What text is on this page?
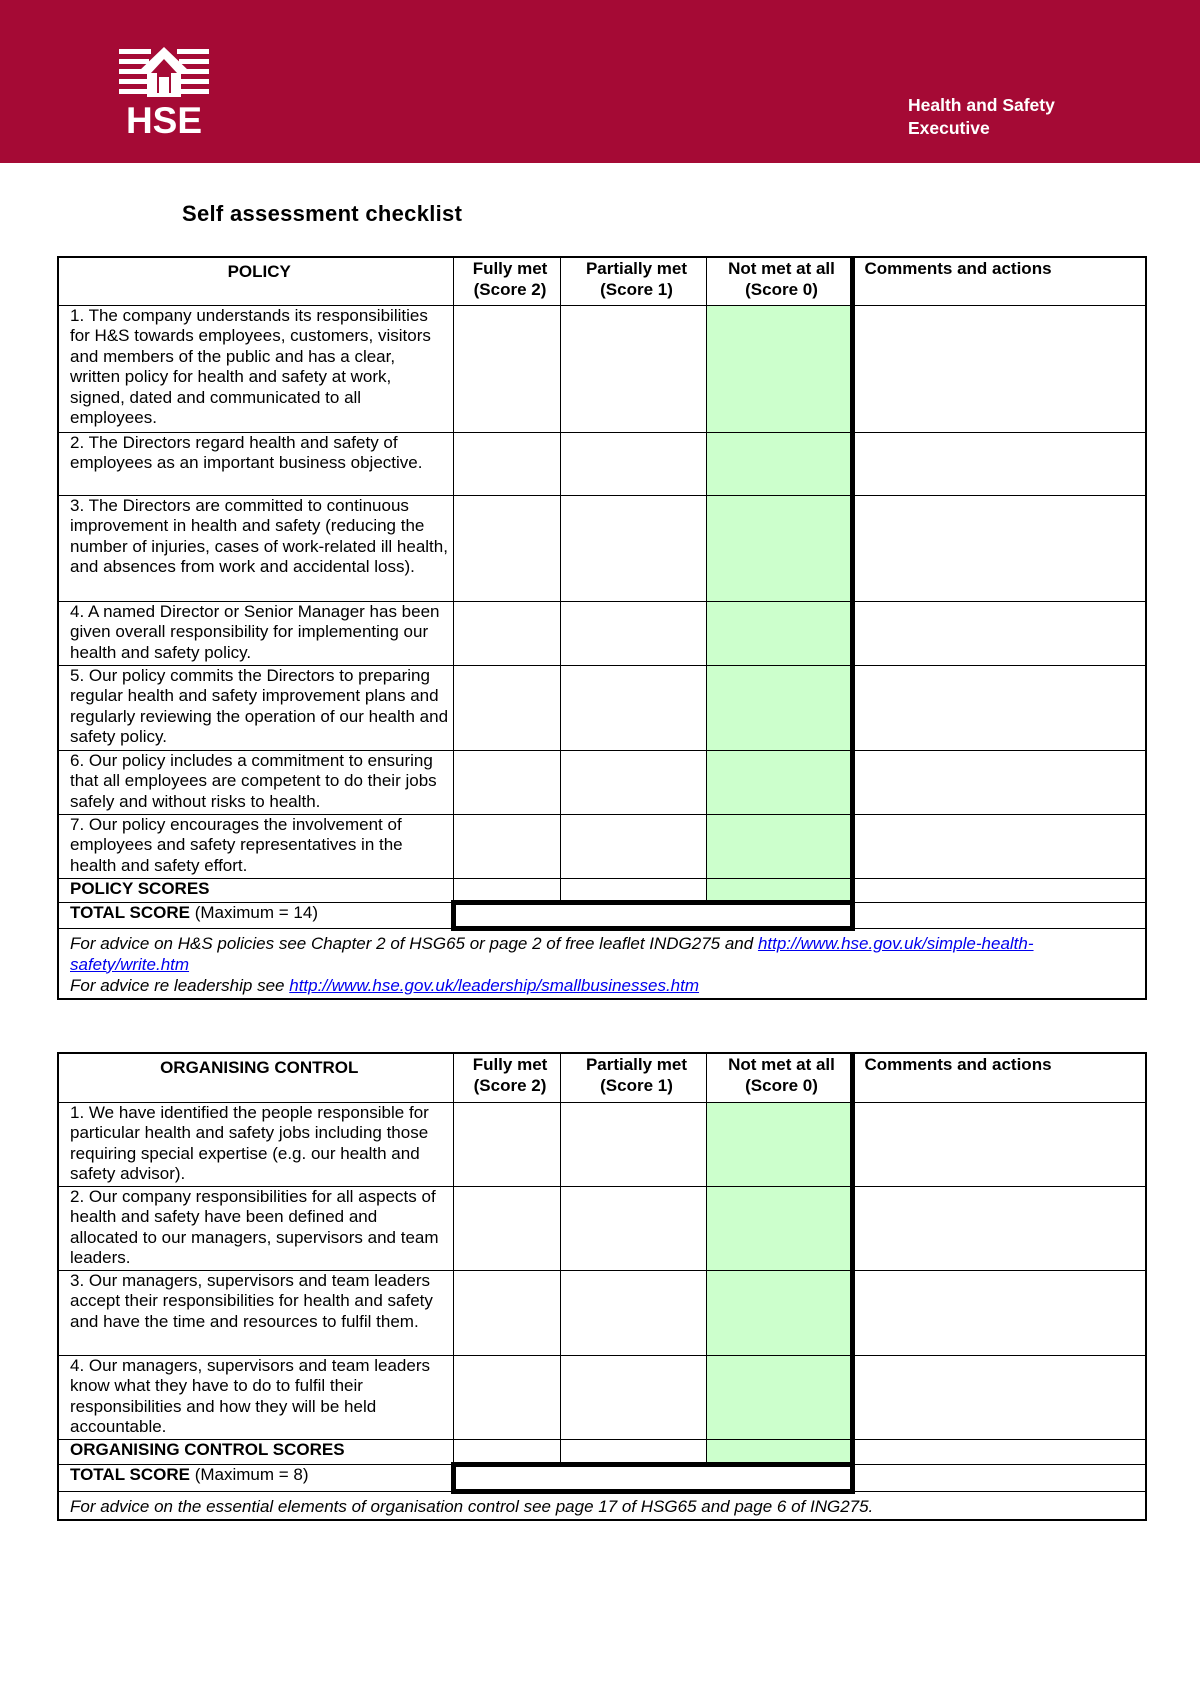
HSE	Health and Safety
Executive
Self assessment checklist
POLICY	Fully met (Score 2)	Partially met (Score 1)	Not met at all (Score 0)	Comments and actions
1. The company understands its responsibilities for H&S towards employees, customers, visitors and members of the public and has a clear, written policy for health and safety at work, signed, dated and communicated to all employees.				
2. The Directors regard health and safety of employees as an important business objective.				
3. The Directors are committed to continuous improvement in health and safety (reducing the number of injuries, cases of work-related ill health, and absences from work and accidental loss).				
4. A named Director or Senior Manager has been given overall responsibility for implementing our health and safety policy.				
5. Our policy commits the Directors to preparing regular health and safety improvement plans and regularly reviewing the operation of our health and safety policy.				
6. Our policy includes a commitment to ensuring that all employees are competent to do their jobs safely and without risks to health.				
7. Our policy encourages the involvement of employees and safety representatives in the health and safety effort.				
POLICY SCORES				
TOTAL SCORE (Maximum = 14)				
For advice on H&S policies see Chapter 2 of HSG65 or page 2 of free leaflet INDG275 and http://www.hse.gov.uk/simple-health-safety/write.htm
For advice re leadership see http://www.hse.gov.uk/leadership/smallbusinesses.htm				
ORGANISING CONTROL	Fully met (Score 2)	Partially met (Score 1)	Not met at all (Score 0)	Comments and actions
1. We have identified the people responsible for particular health and safety jobs including those requiring special expertise (e.g. our health and safety advisor).				
2. Our company responsibilities for all aspects of health and safety have been defined and allocated to our managers, supervisors and team leaders.				
3. Our managers, supervisors and team leaders accept their responsibilities for health and safety and have the time and resources to fulfil them.				
4. Our managers, supervisors and team leaders know what they have to do to fulfil their responsibilities and how they will be held accountable.				
ORGANISING CONTROL SCORES				
TOTAL SCORE (Maximum = 8)				
For advice on the essential elements of organisation control see page 17 of HSG65 and page 6 of ING275.				
